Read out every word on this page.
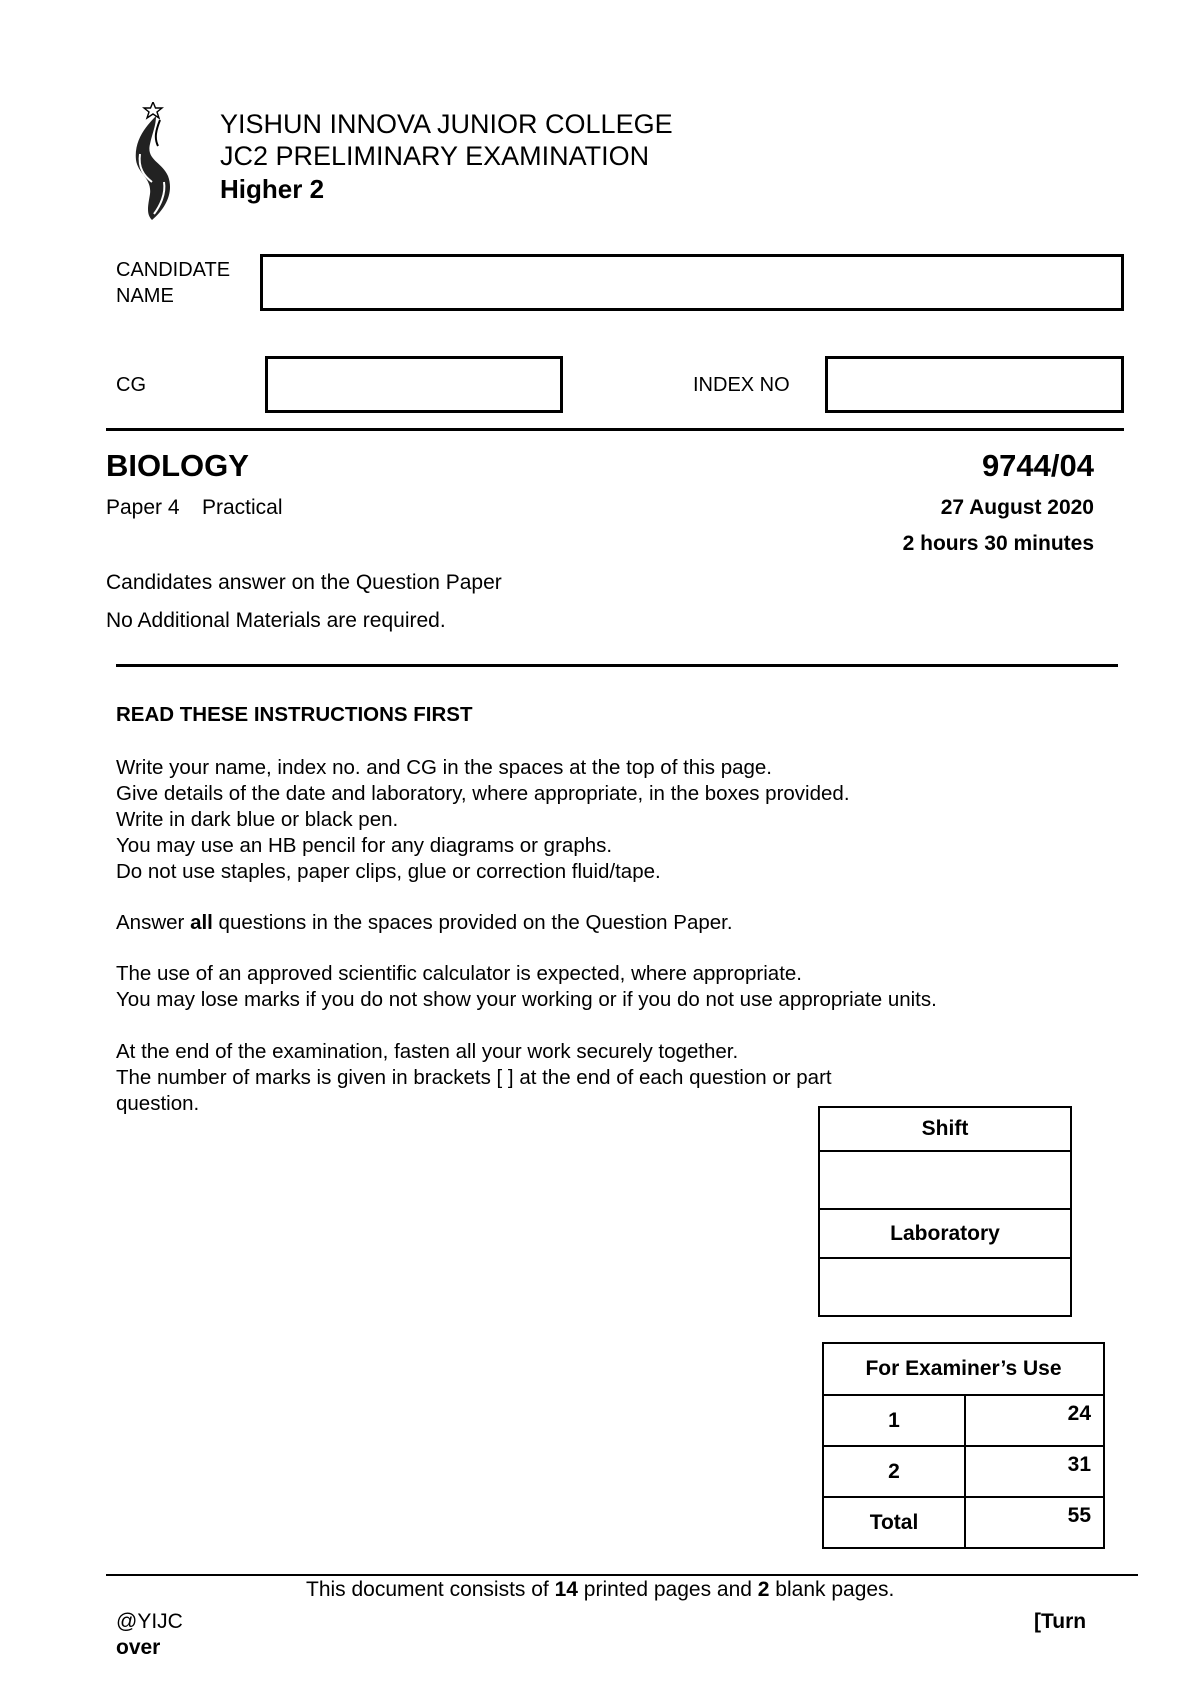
YISHUN INNOVA JUNIOR COLLEGE
JC2 PRELIMINARY EXAMINATION
Higher 2
CANDIDATE
NAME
CG	INDEX NO
BIOLOGY	9744/04
Paper 4 Practical	27 August 2020
2 hours 30 minutes
Candidates answer on the Question Paper
No Additional Materials are required.
READ THESE INSTRUCTIONS FIRST
Write your name, index no. and CG in the spaces at the top of this page.
Give details of the date and laboratory, where appropriate, in the boxes provided.
Write in dark blue or black pen.
You may use an HB pencil for any diagrams or graphs.
Do not use staples, paper clips, glue or correction fluid/tape.
Answer all questions in the spaces provided on the Question Paper.
The use of an approved scientific calculator is expected, where appropriate.
You may lose marks if you do not show your working or if you do not use appropriate units.
At the end of the examination, fasten all your work securely together.
The number of marks is given in brackets [ ] at the end of each question or part
question.
Shift

Laboratory

For Examiner’s Use	
1	24
2	31
Total	55
This document consists of 14 printed pages and 2 blank pages.
@YIJC	[Turn
over
